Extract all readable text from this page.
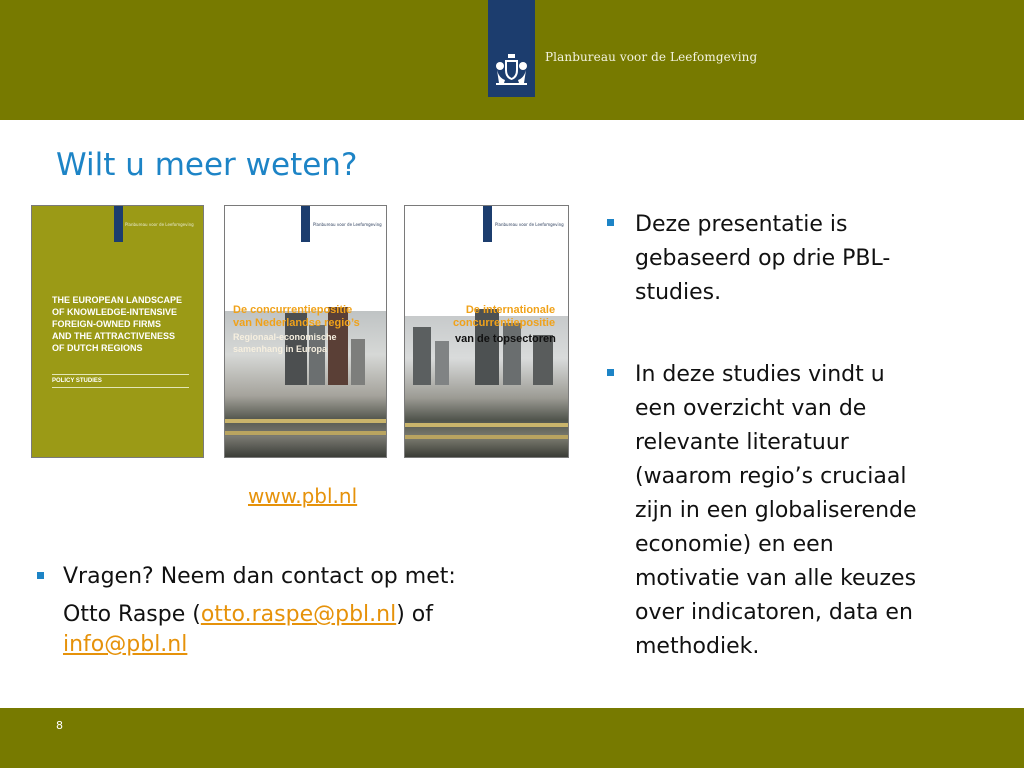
Planbureau voor de Leefomgeving
Wilt u meer weten?
Planbureau voor de Leefomgeving
THE EUROPEAN LANDSCAPE
OF KNOWLEDGE-INTENSIVE
FOREIGN-OWNED FIRMS
AND THE ATTRACTIVENESS
OF DUTCH REGIONS
POLICY STUDIES
Planbureau voor de Leefomgeving
De concurrentiepositie
van Nederlandse regio’s
Regionaal-economische
samenhang in Europa
Planbureau voor de Leefomgeving
De internationale
concurrentiepositie
van de topsectoren
www.pbl.nl
Vragen? Neem dan contact op met:
Otto Raspe (otto.raspe@pbl.nl) of
info@pbl.nl
Deze presentatie is
gebaseerd op drie PBL-
studies.
In deze studies vindt u
een overzicht van de
relevante literatuur
(waarom regio’s cruciaal
zijn in een globaliserende
economie) en een
motivatie van alle keuzes
over indicatoren, data en
methodiek.
8
